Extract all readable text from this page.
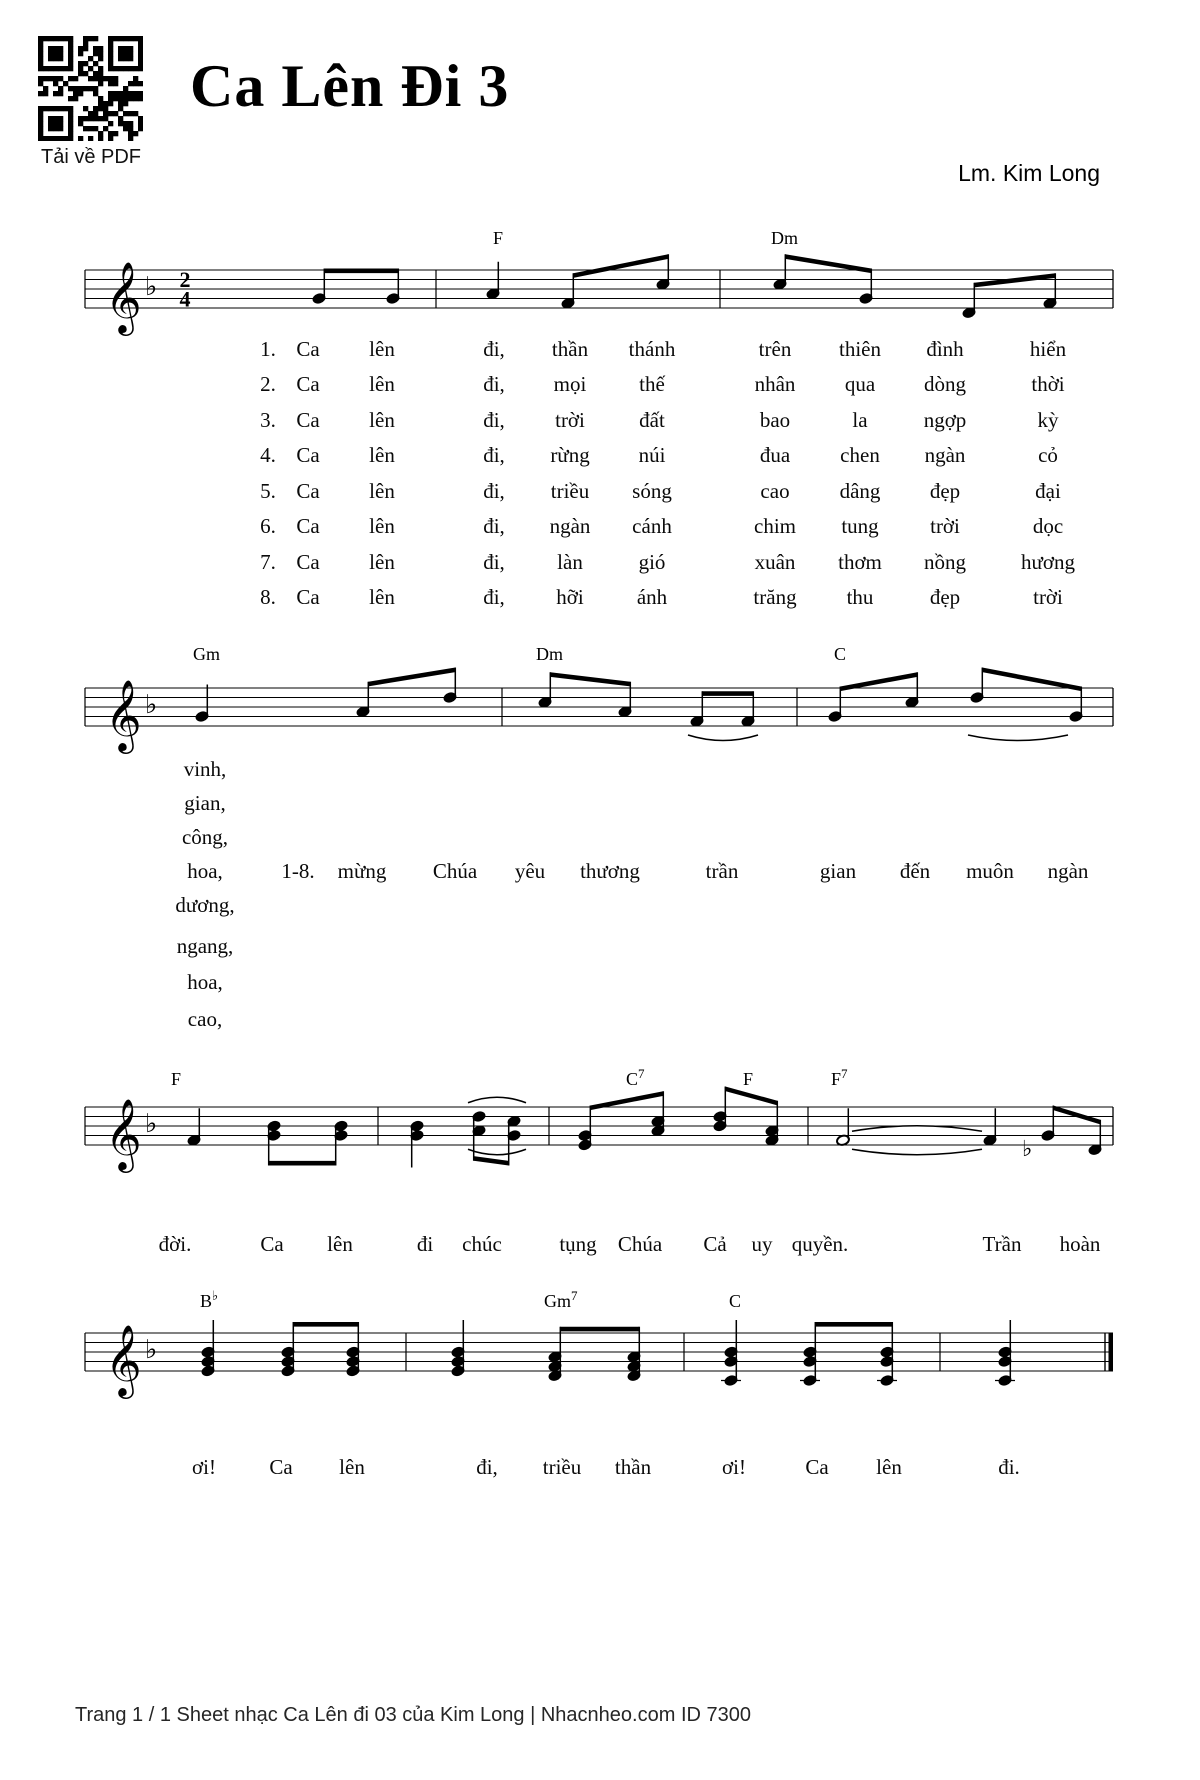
Tải về PDF
Ca Lên Đi 3
Lm. Kim Long
𝄞 ♭ 2
4
F	Dm
𝄞 ♭
Gm	Dm	C
𝄞 ♭
F	$C^7$	F	$F^7$
♭
𝄞 ♭
B♭	Gm$^7$	C
1. Ca lên	đi, thần thánh	trên thiên đình	hiển
2. Ca lên	đi, mọi	thế	nhân qua dòng	thời
3. Ca lên	đi, trời	đất	bao	la	ngợp	kỳ
4. Ca lên	đi, rừng núi	đua chen ngàn	cỏ
5. Ca lên	đi, triều sóng	cao dâng đẹp	đại
6. Ca lên	đi, ngàn cánh	chim tung trời	dọc
7. Ca lên	đi, làn	gió	xuân thơm nồng	hương
8. Ca lên	đi, hỡi	ánh	trăng thu	đẹp	trời
vinh,
gian,
công,
hoa,
dương,
ngang,
hoa,
cao,
1-8. mừng Chúa yêu thương	trần	gian đến muôn ngàn
đời.	Ca lên	đi chúc	tụng Chúa Cả uy quyền.	Trần hoàn
ơi!	Ca lên	đi, triều thần	ơi!	Ca lên	đi.
Trang 1 / 1 Sheet nhạc Ca Lên đi 03 của Kim Long | Nhacnheo.com ID 7300
